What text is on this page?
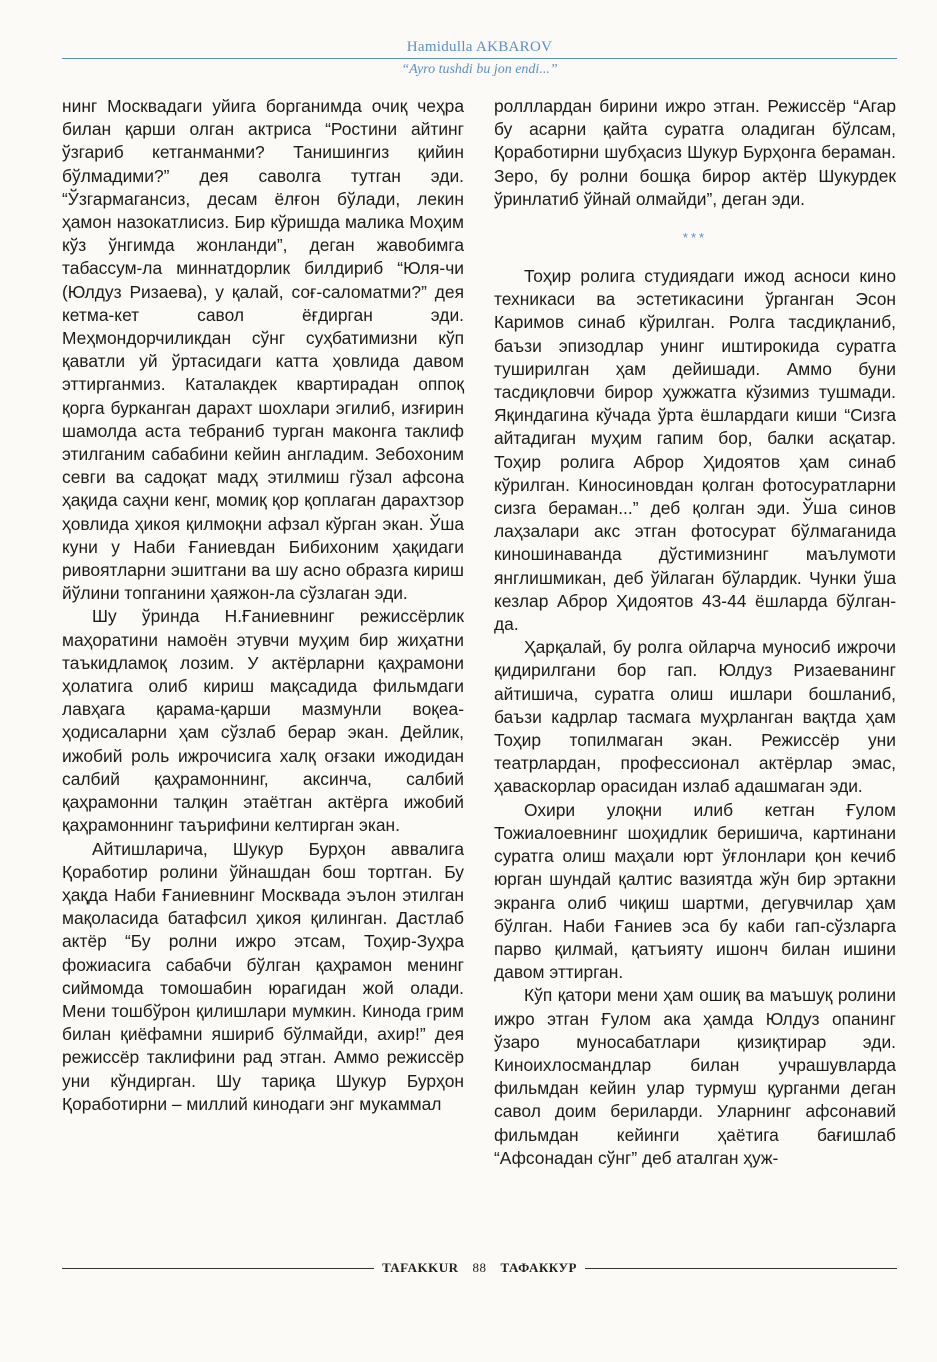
Hamidulla AKBAROV
“Ayro tushdi bu jon endi...”

нинг Москвадаги уйига борганимда очиқ чеҳра билан қарши олган актриса “Ростини айтинг ўзгариб кетганманми? Танишингиз қийин бўлмадими?” дея саволга тутган эди. “Ўзгармагансиз, десам ёлғон бўлади, лекин ҳамон назокатлисиз. Бир кўришда малика Моҳим кўз ўнгимда жонланди”, деган жавобимга табассум-ла миннатдорлик билдириб “Юля-чи (Юлдуз Ризаева), у қалай, соғ-саломатми?” дея кетма-кет савол ёғдирган эди. Меҳмондорчиликдан сўнг суҳбатимизни кўп қаватли уй ўртасидаги катта ҳовлида давом эттирганмиз. Каталакдек квартирадан оппоқ қорга бурканган дарахт шохлари эгилиб, изғирин шамолда аста тебраниб турган маконга таклиф этилганим сабабини кейин англадим. Зебохоним севги ва садоқат мадҳ этилмиш гўзал афсона ҳақида саҳни кенг, момиқ қор қоплаган дарахтзор ҳовлида ҳикоя қилмоқни афзал кўрган экан. Ўша куни у Наби Ғаниевдан Бибихоним ҳақидаги ривоятларни эшитгани ва шу асно образга кириш йўлини топганини ҳаяжон-ла сўзлаган эди.

Шу ўринда Н.Ғаниевнинг режиссёрлик маҳоратини намоён этувчи муҳим бир жиҳатни таъкидламоқ лозим. У актёрларни қаҳрамони ҳолатига олиб кириш мақсадида фильмдаги лавҳага қарама-қарши мазмунли воқеа-ҳодисаларни ҳам сўзлаб берар экан. Дейлик, ижобий роль ижрочисига халқ оғзаки ижодидан салбий қаҳрамоннинг, аксинча, салбий қаҳрамонни талқин этаётган актёрга ижобий қаҳрамоннинг таърифини келтирган экан.

Айтишларича, Шукур Бурҳон аввалига Қоработир ролини ўйнашдан бош тортган. Бу ҳақда Наби Ғаниевнинг Москвада эълон этилган мақоласида батафсил ҳикоя қилинган. Дастлаб актёр “Бу ролни ижро этсам, Тоҳир-Зуҳра фожиасига сабабчи бўлган қаҳрамон менинг сиймомда томошабин юрагидан жой олади. Мени тошбўрон қилишлари мумкин. Кинода грим билан қиёфамни яшириб бўлмайди, ахир!” дея режиссёр таклифини рад этган. Аммо режиссёр уни кўндирган. Шу тариқа Шукур Бурҳон Қоработирни – миллий кинодаги энг мукаммал

ролллардан бирини ижро этган. Режиссёр “Агар бу асарни қайта суратга оладиган бўлсам, Қоработирни шубҳасиз Шукур Бурҳонга бераман. Зеро, бу ролни бошқа бирор актёр Шукурдек ўринлатиб ўйнай олмайди”, деган эди.

***

Тоҳир ролига студиядаги ижод асноси кино техникаси ва эстетикасини ўрганган Эсон Каримов синаб кўрилган. Ролга тасдиқланиб, баъзи эпизодлар унинг иштирокида суратга туширилган ҳам дейишади. Аммо буни тасдиқловчи бирор ҳужжатга кўзимиз тушмади. Яқиндагина кўчада ўрта ёшлардаги киши “Сизга айтадиган муҳим гапим бор, балки асқатар. Тоҳир ролига Аброр Ҳидоятов ҳам синаб кўрилган. Киносиновдан қолган фотосуратларни сизга бераман...” деб қолган эди. Ўша синов лаҳзалари акс этган фотосурат бўлмаганида киношинаванда дўстимизнинг маълумоти янглишмикан, деб ўйлаган бўлардик. Чунки ўша кезлар Аброр Ҳидоятов 43-44 ёшларда бўлган-да.

Ҳарқалай, бу ролга ойларча муносиб ижрочи қидирилгани бор гап. Юлдуз Ризаеванинг айтишича, суратга олиш ишлари бошланиб, баъзи кадрлар тасмага муҳрланган вақтда ҳам Тоҳир топилмаган экан. Режиссёр уни театрлардан, профессионал актёрлар эмас, ҳаваскорлар орасидан излаб адашмаган эди.

Охири улоқни илиб кетган Ғулом Тожиалоевнинг шоҳидлик беришича, картинани суратга олиш маҳали юрт ўғлонлари қон кечиб юрган шундай қалтис вазиятда жўн бир эртакни экранга олиб чиқиш шартми, дегувчилар ҳам бўлган. Наби Ғаниев эса бу каби гап-сўзларга парво қилмай, қатъияту ишонч билан ишини давом эттирган.

Кўп қатори мени ҳам ошиқ ва маъшуқ ролини ижро этган Ғулом ака ҳамда Юлдуз опанинг ўзаро муносабатлари қизиқтирар эди. Киноихлосмандлар билан учрашувларда фильмдан кейин улар турмуш қурганми деган савол доим бериларди. Уларнинг афсонавий фильмдан кейинги ҳаётига бағишлаб “Афсонадан сўнг” деб аталган ҳуж-

TAFAKKUR	88	ТАФАККУР
